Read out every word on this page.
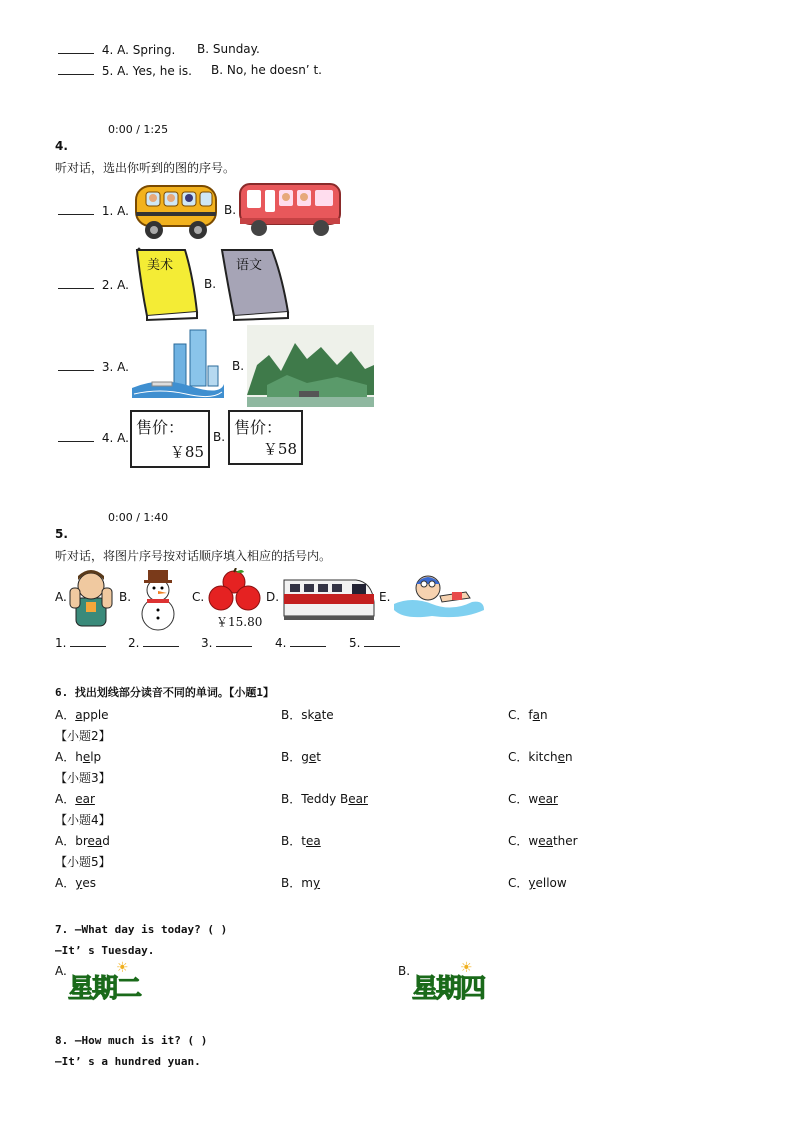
4. A. Spring. B. Sunday.
5. A. Yes, he is. B. No, he doesn’ t.
0:00 / 1:25
4.
听对话，选出你听到的图的序号。
1. A.	B.
2. A.
美术
B.
语文
3. A.	B.
4. A.
售价：
￥85
B. 售价：
￥58
0:00 / 1:40
5.
听对话，将图片序号按对话顺序填入相应的括号内。
A.	B.	C.
￥15.80
D.	E.
1.	2.	3.	4.	5.
6. 找出划线部分读音不同的单词。【小题1】
A．apple	B．skate	C．fan
【小题2】
A．help	B．get	C．kitchen
【小题3】
A．ear	B．Teddy Bear	C．wear
【小题4】
A．bread	B．tea	C．weather
【小题5】
A．yes	B．my	C．yellow
7. —What day is today? ( )
—It’ s Tuesday.
A.	☀
星期二
B.	☀
星期四
8. —How much is it? ( )
—It’ s a hundred yuan.
